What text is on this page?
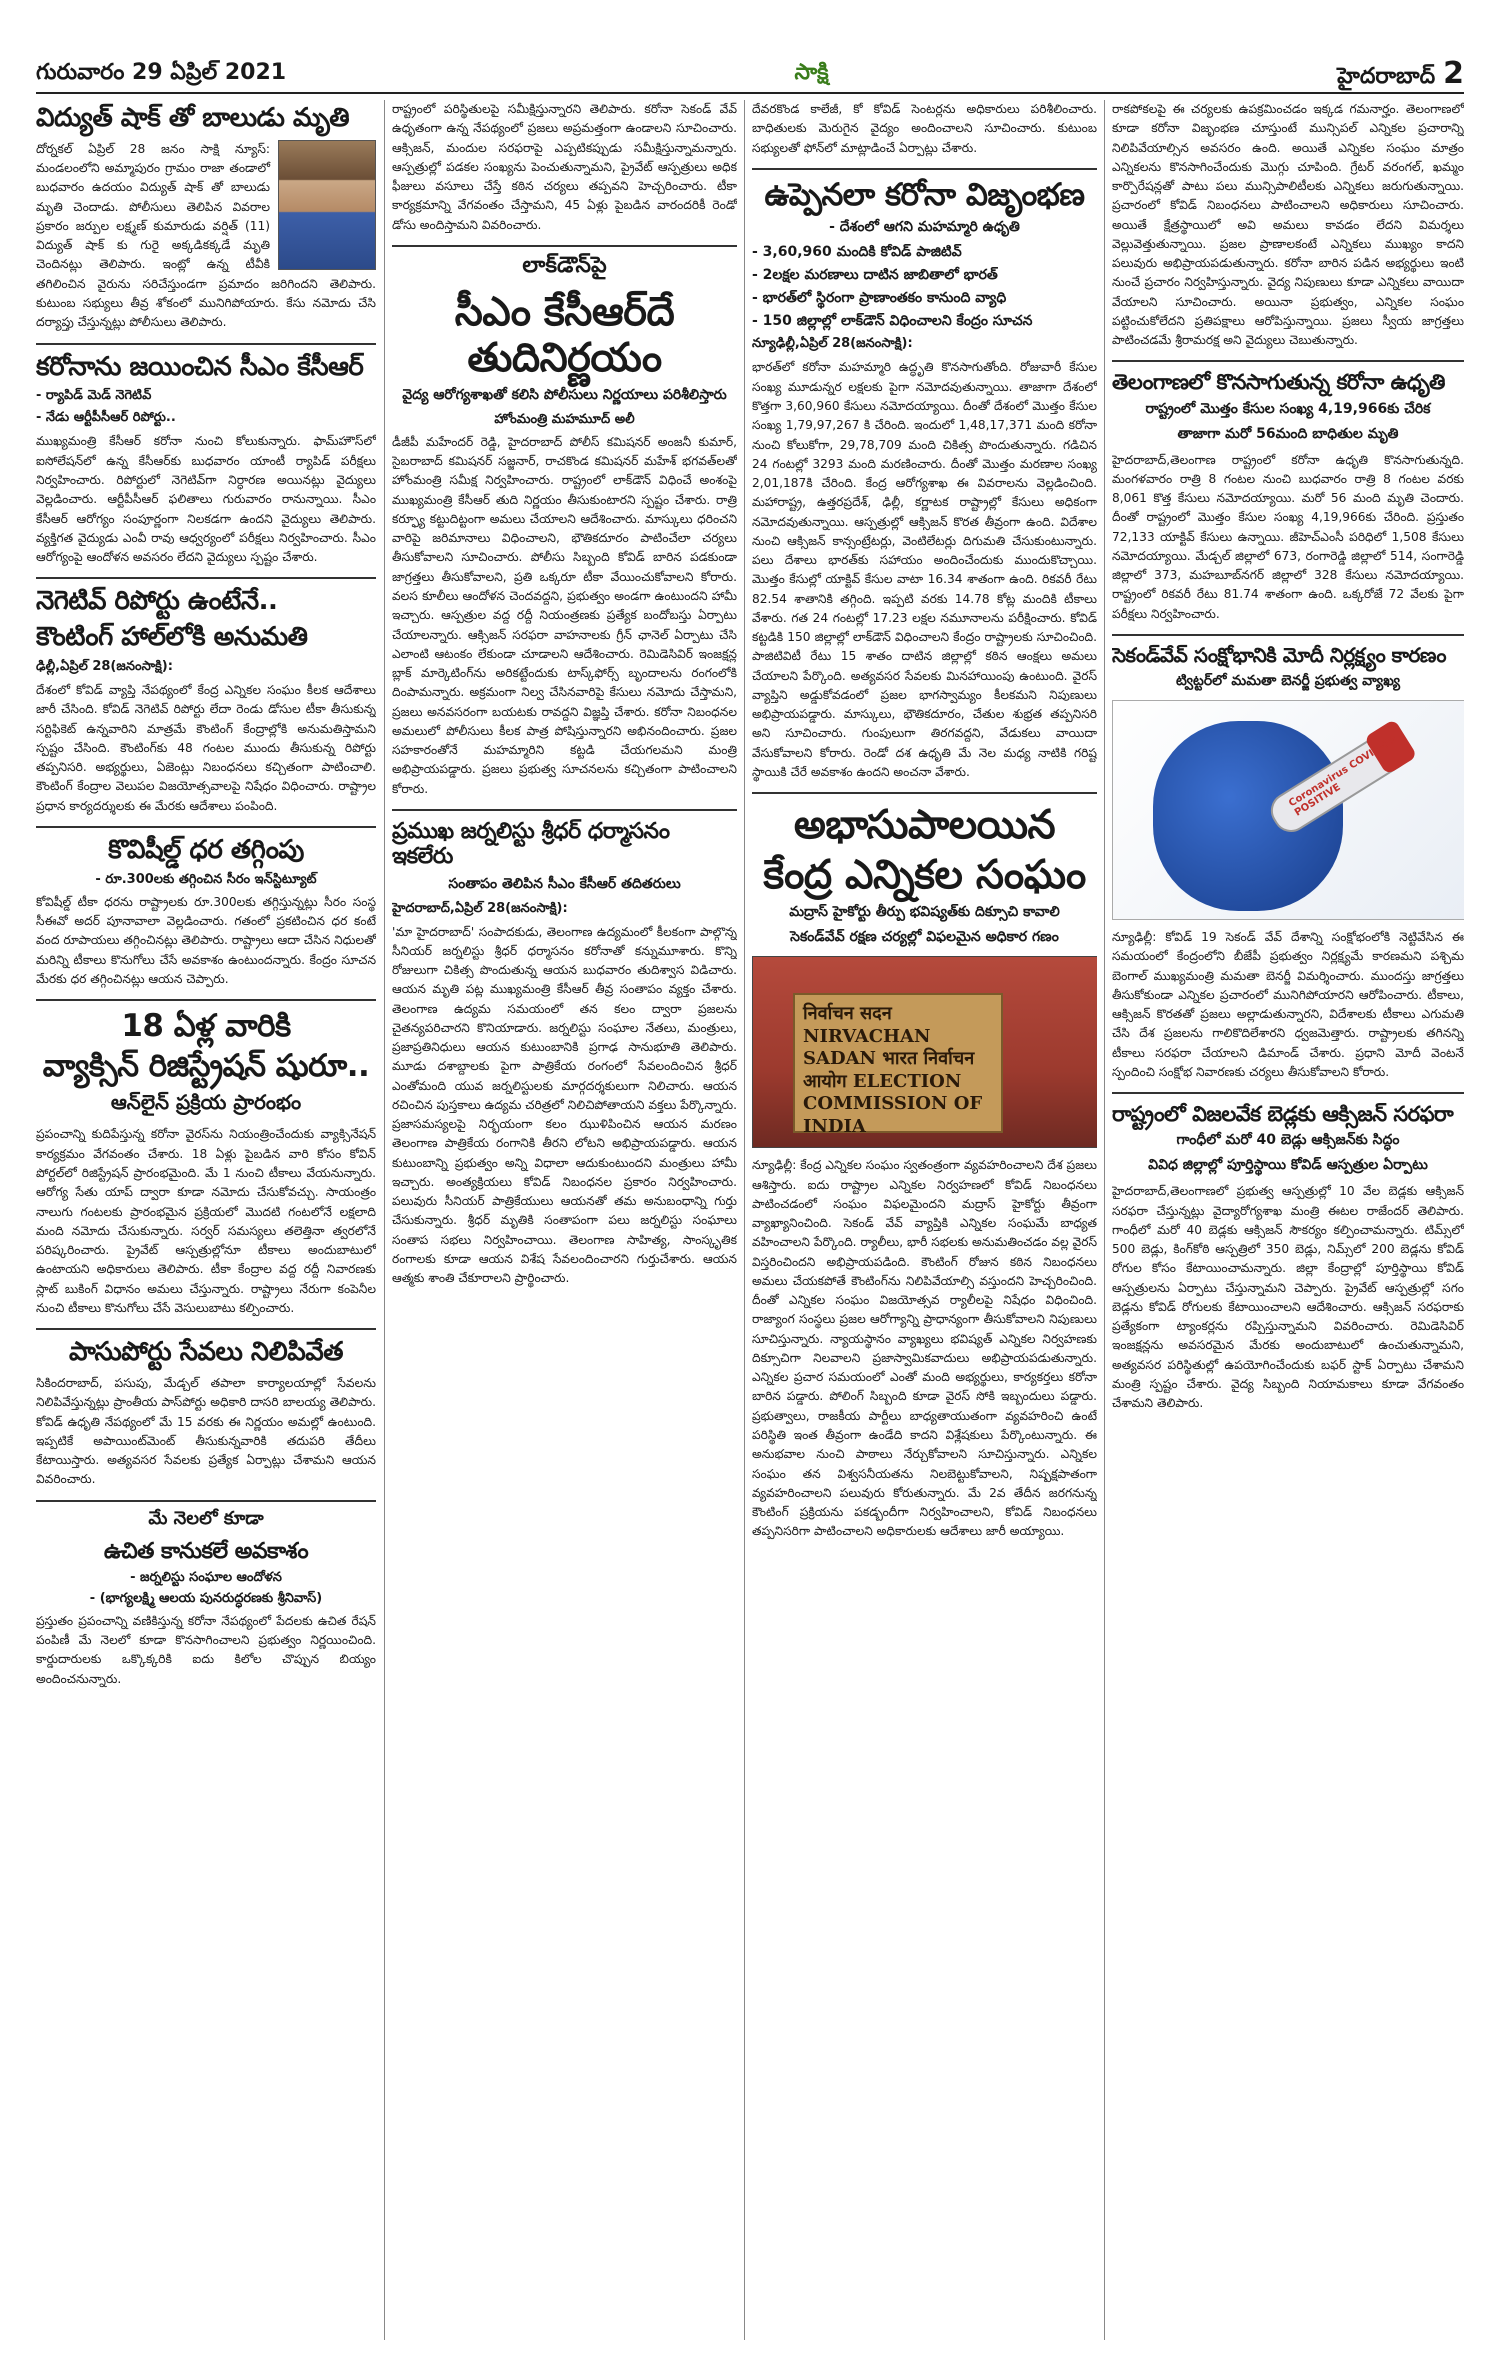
గురువారం 29 ఏప్రిల్ 2021	సాక్షి	హైదరాబాద్ 2
విద్యుత్ షాక్ తో బాలుడు మృతి

దోర్నకల్ ఏప్రిల్ 28 జనం సాక్షి న్యూస్: మండలంలోని అమ్మాపురం గ్రామం రాజా తండాలో బుధవారం ఉదయం విద్యుత్ షాక్ తో బాలుడు మృతి చెందాడు. పోలీసులు తెలిపిన వివరాల ప్రకారం జర్పుల లక్ష్మణ్ కుమారుడు వర్షిత్ (11) విద్యుత్ షాక్ కు గురై అక్కడికక్కడే మృతి చెందినట్లు తెలిపారు. ఇంట్లో ఉన్న టీవీకి తగిలించిన వైరును సరిచేస్తుండగా ప్రమాదం జరిగిందని తెలిపారు. కుటుంబ సభ్యులు తీవ్ర శోకంలో మునిగిపోయారు. కేసు నమోదు చేసి దర్యాప్తు చేస్తున్నట్లు పోలీసులు తెలిపారు.

కరోనాను జయించిన సీఎం కేసీఆర్
- ర్యాపిడ్ మెడ్ నెగెటివ్
- నేడు ఆర్టీపీసీఆర్ రిపోర్టు..

ముఖ్యమంత్రి కేసీఆర్ కరోనా నుంచి కోలుకున్నారు. ఫామ్‌హౌస్‌లో ఐసోలేషన్‌లో ఉన్న కేసీఆర్‌కు బుధవారం యాంటీ ర్యాపిడ్ పరీక్షలు నిర్వహించారు. రిపోర్టులో నెగెటివ్‌గా నిర్ధారణ అయినట్లు వైద్యులు వెల్లడించారు. ఆర్టీపీసీఆర్ ఫలితాలు గురువారం రానున్నాయి. సీఎం కేసీఆర్ ఆరోగ్యం సంపూర్ణంగా నిలకడగా ఉందని వైద్యులు తెలిపారు. వ్యక్తిగత వైద్యుడు ఎంవీ రావు ఆధ్వర్యంలో పరీక్షలు నిర్వహించారు. సీఎం ఆరోగ్యంపై ఆందోళన అవసరం లేదని వైద్యులు స్పష్టం చేశారు.

నెగెటివ్ రిపోర్టు ఉంటేనే..
కౌంటింగ్ హాల్‌లోకి అనుమతి
ఢిల్లీ,ఏప్రిల్ 28(జనంసాక్షి):

దేశంలో కోవిడ్ వ్యాప్తి నేపథ్యంలో కేంద్ర ఎన్నికల సంఘం కీలక ఆదేశాలు జారీ చేసింది. కోవిడ్ నెగెటివ్ రిపోర్టు లేదా రెండు డోసుల టీకా తీసుకున్న సర్టిఫికెట్ ఉన్నవారిని మాత్రమే కౌంటింగ్ కేంద్రాల్లోకి అనుమతిస్తామని స్పష్టం చేసింది. కౌంటింగ్‌కు 48 గంటల ముందు తీసుకున్న రిపోర్టు తప్పనిసరి. అభ్యర్థులు, ఏజెంట్లు నిబంధనలు కచ్చితంగా పాటించాలి. కౌంటింగ్ కేంద్రాల వెలుపల విజయోత్సవాలపై నిషేధం విధించారు. రాష్ట్రాల ప్రధాన కార్యదర్శులకు ఈ మేరకు ఆదేశాలు పంపింది.

కొవిషీల్డ్ ధర తగ్గింపు
- రూ.300లకు తగ్గించిన సీరం ఇన్‌స్టిట్యూట్

కోవిషీల్డ్ టీకా ధరను రాష్ట్రాలకు రూ.300లకు తగ్గిస్తున్నట్లు సీరం సంస్థ సీఈవో అదర్ పూనావాలా వెల్లడించారు. గతంలో ప్రకటించిన ధర కంటే వంద రూపాయలు తగ్గించినట్లు తెలిపారు. రాష్ట్రాలు ఆదా చేసిన నిధులతో మరిన్ని టీకాలు కొనుగోలు చేసే అవకాశం ఉంటుందన్నారు. కేంద్రం సూచన మేరకు ధర తగ్గించినట్లు ఆయన చెప్పారు.

18 ఏళ్ల వారికి
వ్యాక్సిన్ రిజిస్ట్రేషన్ షురూ..
ఆన్‌లైన్ ప్రక్రియ ప్రారంభం

ప్రపంచాన్ని కుదిపేస్తున్న కరోనా వైరస్‌ను నియంత్రించేందుకు వ్యాక్సినేషన్ కార్యక్రమం వేగవంతం చేశారు. 18 ఏళ్లు పైబడిన వారి కోసం కోవిన్ పోర్టల్‌లో రిజిస్ట్రేషన్ ప్రారంభమైంది. మే 1 నుంచి టీకాలు వేయనున్నారు. ఆరోగ్య సేతు యాప్ ద్వారా కూడా నమోదు చేసుకోవచ్చు. సాయంత్రం నాలుగు గంటలకు ప్రారంభమైన ప్రక్రియలో మొదటి గంటలోనే లక్షలాది మంది నమోదు చేసుకున్నారు. సర్వర్ సమస్యలు తలెత్తినా త్వరలోనే పరిష్కరించారు. ప్రైవేట్ ఆస్పత్రుల్లోనూ టీకాలు అందుబాటులో ఉంటాయని అధికారులు తెలిపారు. టీకా కేంద్రాల వద్ద రద్దీ నివారణకు స్లాట్ బుకింగ్ విధానం అమలు చేస్తున్నారు. రాష్ట్రాలు నేరుగా కంపెనీల నుంచి టీకాలు కొనుగోలు చేసే వెసులుబాటు కల్పించారు.

పాసుపోర్టు సేవలు నిలిపివేత

సికిందరాబాద్, పసుపు, మేడ్చల్ తపాలా కార్యాలయాల్లో సేవలను నిలిపివేస్తున్నట్లు ప్రాంతీయ పాస్‌పోర్టు అధికారి దాసరి బాలయ్య తెలిపారు. కోవిడ్ ఉధృతి నేపథ్యంలో మే 15 వరకు ఈ నిర్ణయం అమల్లో ఉంటుంది. ఇప్పటికే అపాయింట్‌మెంట్ తీసుకున్నవారికి తదుపరి తేదీలు కేటాయిస్తారు. అత్యవసర సేవలకు ప్రత్యేక ఏర్పాట్లు చేశామని ఆయన వివరించారు.

మే నెలలో కూడా
ఉచిత కానుకలే అవకాశం
- జర్నలిస్టు సంఘాల ఆందోళన
- (భాగ్యలక్ష్మి ఆలయ పునరుద్ధరణకు శ్రీనివాస్)

ప్రస్తుతం ప్రపంచాన్ని వణికిస్తున్న కరోనా నేపథ్యంలో పేదలకు ఉచిత రేషన్ పంపిణీ మే నెలలో కూడా కొనసాగించాలని ప్రభుత్వం నిర్ణయించింది. కార్డుదారులకు ఒక్కొక్కరికి ఐదు కిలోల చొప్పున బియ్యం అందించనున్నారు.

రాష్ట్రంలో పరిస్థితులపై సమీక్షిస్తున్నారని తెలిపారు. కరోనా సెకండ్ వేవ్ ఉధృతంగా ఉన్న నేపథ్యంలో ప్రజలు అప్రమత్తంగా ఉండాలని సూచించారు. ఆక్సిజన్, మందుల సరఫరాపై ఎప్పటికప్పుడు సమీక్షిస్తున్నామన్నారు. ఆస్పత్రుల్లో పడకల సంఖ్యను పెంచుతున్నామని, ప్రైవేట్ ఆస్పత్రులు అధిక ఫీజులు వసూలు చేస్తే కఠిన చర్యలు తప్పవని హెచ్చరించారు. టీకా కార్యక్రమాన్ని వేగవంతం చేస్తామని, 45 ఏళ్లు పైబడిన వారందరికీ రెండో డోసు అందిస్తామని వివరించారు.

లాక్‌డౌన్‌పై
సీఎం కేసీఆర్‌దే తుదినిర్ణయం
వైద్య ఆరోగ్యశాఖతో కలిసి పోలీసులు నిర్ణయాలు పరిశీలిస్తారు
హోంమంత్రి మహమూద్ అలీ

డీజీపీ మహేందర్ రెడ్డి, హైదరాబాద్ పోలీస్ కమిషనర్ అంజనీ కుమార్, సైబరాబాద్ కమిషనర్ సజ్జనార్, రాచకొండ కమిషనర్ మహేశ్ భగవత్‌లతో హోంమంత్రి సమీక్ష నిర్వహించారు. రాష్ట్రంలో లాక్‌డౌన్ విధించే అంశంపై ముఖ్యమంత్రి కేసీఆర్ తుది నిర్ణయం తీసుకుంటారని స్పష్టం చేశారు. రాత్రి కర్ఫ్యూ కట్టుదిట్టంగా అమలు చేయాలని ఆదేశించారు. మాస్కులు ధరించని వారిపై జరిమానాలు విధించాలని, భౌతికదూరం పాటించేలా చర్యలు తీసుకోవాలని సూచించారు. పోలీసు సిబ్బంది కోవిడ్ బారిన పడకుండా జాగ్రత్తలు తీసుకోవాలని, ప్రతి ఒక్కరూ టీకా వేయించుకోవాలని కోరారు. వలస కూలీలు ఆందోళన చెందవద్దని, ప్రభుత్వం అండగా ఉంటుందని హామీ ఇచ్చారు. ఆస్పత్రుల వద్ద రద్దీ నియంత్రణకు ప్రత్యేక బందోబస్తు ఏర్పాటు చేయాలన్నారు. ఆక్సిజన్ సరఫరా వాహనాలకు గ్రీన్ ఛానెల్ ఏర్పాటు చేసి ఎలాంటి ఆటంకం లేకుండా చూడాలని ఆదేశించారు. రెమిడెసివిర్ ఇంజక్షన్ల బ్లాక్ మార్కెటింగ్‌ను అరికట్టేందుకు టాస్క్‌ఫోర్స్ బృందాలను రంగంలోకి దింపామన్నారు. అక్రమంగా నిల్వ చేసినవారిపై కేసులు నమోదు చేస్తామని, ప్రజలు అనవసరంగా బయటకు రావద్దని విజ్ఞప్తి చేశారు. కరోనా నిబంధనల అమలులో పోలీసులు కీలక పాత్ర పోషిస్తున్నారని అభినందించారు. ప్రజల సహకారంతోనే మహమ్మారిని కట్టడి చేయగలమని మంత్రి అభిప్రాయపడ్డారు. ప్రజలు ప్రభుత్వ సూచనలను కచ్చితంగా పాటించాలని కోరారు.

ప్రముఖ జర్నలిస్టు శ్రీధర్ ధర్మాసనం ఇకలేరు
సంతాపం తెలిపిన సీఎం కేసీఆర్ తదితరులు
హైదరాబాద్,ఏప్రిల్ 28(జనంసాక్షి):

'మా హైదరాబాద్' సంపాదకుడు, తెలంగాణ ఉద్యమంలో కీలకంగా పాల్గొన్న సీనియర్ జర్నలిస్టు శ్రీధర్ ధర్మాసనం కరోనాతో కన్నుమూశారు. కొన్ని రోజులుగా చికిత్స పొందుతున్న ఆయన బుధవారం తుదిశ్వాస విడిచారు. ఆయన మృతి పట్ల ముఖ్యమంత్రి కేసీఆర్ తీవ్ర సంతాపం వ్యక్తం చేశారు. తెలంగాణ ఉద్యమ సమయంలో తన కలం ద్వారా ప్రజలను చైతన్యపరిచారని కొనియాడారు. జర్నలిస్టు సంఘాల నేతలు, మంత్రులు, ప్రజాప్రతినిధులు ఆయన కుటుంబానికి ప్రగాఢ సానుభూతి తెలిపారు. మూడు దశాబ్దాలకు పైగా పాత్రికేయ రంగంలో సేవలందించిన శ్రీధర్ ఎంతోమంది యువ జర్నలిస్టులకు మార్గదర్శకులుగా నిలిచారు. ఆయన రచించిన పుస్తకాలు ఉద్యమ చరిత్రలో నిలిచిపోతాయని వక్తలు పేర్కొన్నారు. ప్రజాసమస్యలపై నిర్భయంగా కలం ఝుళిపించిన ఆయన మరణం తెలంగాణ పాత్రికేయ రంగానికి తీరని లోటని అభిప్రాయపడ్డారు. ఆయన కుటుంబాన్ని ప్రభుత్వం అన్ని విధాలా ఆదుకుంటుందని మంత్రులు హామీ ఇచ్చారు. అంత్యక్రియలు కోవిడ్ నిబంధనల ప్రకారం నిర్వహించారు. పలువురు సీనియర్ పాత్రికేయులు ఆయనతో తమ అనుబంధాన్ని గుర్తు చేసుకున్నారు. శ్రీధర్ మృతికి సంతాపంగా పలు జర్నలిస్టు సంఘాలు సంతాప సభలు నిర్వహించాయి. తెలంగాణ సాహిత్య, సాంస్కృతిక రంగాలకు కూడా ఆయన విశేష సేవలందించారని గుర్తుచేశారు. ఆయన ఆత్మకు శాంతి చేకూరాలని ప్రార్థించారు.

దేవరకొండ కాలేజీ, కో కోవిడ్ సెంటర్లను అధికారులు పరిశీలించారు. బాధితులకు మెరుగైన వైద్యం అందించాలని సూచించారు. కుటుంబ సభ్యులతో ఫోన్‌లో మాట్లాడించే ఏర్పాట్లు చేశారు.

ఉప్పెనలా కరోనా విజృంభణ
- దేశంలో ఆగని మహమ్మారి ఉధృతి
- 3,60,960 మందికి కోవిడ్ పాజిటివ్
- 2లక్షల మరణాలు దాటిన జాబితాలో భారత్
- భారత్‌లో స్థిరంగా ప్రాణాంతకం కానుంది వ్యాధి
- 150 జిల్లాల్లో లాక్‌డౌన్ విధించాలని కేంద్రం సూచన
న్యూఢిల్లీ,ఏప్రిల్ 28(జనంసాక్షి):

భారత్‌లో కరోనా మహమ్మారి ఉద్ధృతి కొనసాగుతోంది. రోజువారీ కేసుల సంఖ్య మూడున్నర లక్షలకు పైగా నమోదవుతున్నాయి. తాజాగా దేశంలో కొత్తగా 3,60,960 కేసులు నమోదయ్యాయి. దీంతో దేశంలో మొత్తం కేసుల సంఖ్య 1,79,97,267 కి చేరింది. ఇందులో 1,48,17,371 మంది కరోనా నుంచి కోలుకోగా, 29,78,709 మంది చికిత్స పొందుతున్నారు. గడిచిన 24 గంటల్లో 3293 మంది మరణించారు. దీంతో మొత్తం మరణాల సంఖ్య 2,01,187కి చేరింది. కేంద్ర ఆరోగ్యశాఖ ఈ వివరాలను వెల్లడించింది. మహారాష్ట్ర, ఉత్తరప్రదేశ్, ఢిల్లీ, కర్ణాటక రాష్ట్రాల్లో కేసులు అధికంగా నమోదవుతున్నాయి. ఆస్పత్రుల్లో ఆక్సిజన్ కొరత తీవ్రంగా ఉంది. విదేశాల నుంచి ఆక్సిజన్ కాన్సంట్రేటర్లు, వెంటిలేటర్లు దిగుమతి చేసుకుంటున్నారు. పలు దేశాలు భారత్‌కు సహాయం అందించేందుకు ముందుకొచ్చాయి. మొత్తం కేసుల్లో యాక్టివ్ కేసుల వాటా 16.34 శాతంగా ఉంది. రికవరీ రేటు 82.54 శాతానికి తగ్గింది. ఇప్పటి వరకు 14.78 కోట్ల మందికి టీకాలు వేశారు. గత 24 గంటల్లో 17.23 లక్షల నమూనాలను పరీక్షించారు. కోవిడ్ కట్టడికి 150 జిల్లాల్లో లాక్‌డౌన్ విధించాలని కేంద్రం రాష్ట్రాలకు సూచించింది. పాజిటివిటీ రేటు 15 శాతం దాటిన జిల్లాల్లో కఠిన ఆంక్షలు అమలు చేయాలని పేర్కొంది. అత్యవసర సేవలకు మినహాయింపు ఉంటుంది. వైరస్ వ్యాప్తిని అడ్డుకోవడంలో ప్రజల భాగస్వామ్యం కీలకమని నిపుణులు అభిప్రాయపడ్డారు. మాస్కులు, భౌతికదూరం, చేతుల శుభ్రత తప్పనిసరి అని సూచించారు. గుంపులుగా తిరగవద్దని, వేడుకలు వాయిదా వేసుకోవాలని కోరారు. రెండో దశ ఉధృతి మే నెల మధ్య నాటికి గరిష్ట స్థాయికి చేరే అవకాశం ఉందని అంచనా వేశారు.

అభాసుపాలయిన
కేంద్ర ఎన్నికల సంఘం
మద్రాస్ హైకోర్టు తీర్పు భవిష్యత్‌కు దిక్సూచి కావాలి
సెకండ్‌వేవ్ రక్షణ చర్యల్లో విఫలమైన అధికార గణం
निर्वाचन सदन NIRVACHAN SADAN भारत निर्वाचन आयोग ELECTION COMMISSION OF INDIA

న్యూఢిల్లీ: కేంద్ర ఎన్నికల సంఘం స్వతంత్రంగా వ్యవహరించాలని దేశ ప్రజలు ఆశిస్తారు. ఐదు రాష్ట్రాల ఎన్నికల నిర్వహణలో కోవిడ్ నిబంధనలు పాటించడంలో సంఘం విఫలమైందని మద్రాస్ హైకోర్టు తీవ్రంగా వ్యాఖ్యానించింది. సెకండ్ వేవ్ వ్యాప్తికి ఎన్నికల సంఘమే బాధ్యత వహించాలని పేర్కొంది. ర్యాలీలు, భారీ సభలకు అనుమతించడం వల్ల వైరస్ విస్తరించిందని అభిప్రాయపడింది. కౌంటింగ్ రోజున కఠిన నిబంధనలు అమలు చేయకపోతే కౌంటింగ్‌ను నిలిపివేయాల్సి వస్తుందని హెచ్చరించింది. దీంతో ఎన్నికల సంఘం విజయోత్సవ ర్యాలీలపై నిషేధం విధించింది. రాజ్యాంగ సంస్థలు ప్రజల ఆరోగ్యాన్ని ప్రాధాన్యంగా తీసుకోవాలని నిపుణులు సూచిస్తున్నారు. న్యాయస్థానం వ్యాఖ్యలు భవిష్యత్ ఎన్నికల నిర్వహణకు దిక్సూచిగా నిలవాలని ప్రజాస్వామికవాదులు అభిప్రాయపడుతున్నారు. ఎన్నికల ప్రచార సమయంలో ఎంతో మంది అభ్యర్థులు, కార్యకర్తలు కరోనా బారిన పడ్డారు. పోలింగ్ సిబ్బంది కూడా వైరస్ సోకి ఇబ్బందులు పడ్డారు. ప్రభుత్వాలు, రాజకీయ పార్టీలు బాధ్యతాయుతంగా వ్యవహరించి ఉంటే పరిస్థితి ఇంత తీవ్రంగా ఉండేది కాదని విశ్లేషకులు పేర్కొంటున్నారు. ఈ అనుభవాల నుంచి పాఠాలు నేర్చుకోవాలని సూచిస్తున్నారు. ఎన్నికల సంఘం తన విశ్వసనీయతను నిలబెట్టుకోవాలని, నిష్పక్షపాతంగా వ్యవహరించాలని పలువురు కోరుతున్నారు. మే 2వ తేదీన జరగనున్న కౌంటింగ్ ప్రక్రియను పకడ్బందీగా నిర్వహించాలని, కోవిడ్ నిబంధనలు తప్పనిసరిగా పాటించాలని అధికారులకు ఆదేశాలు జారీ అయ్యాయి.

రాకపోకలపై ఈ చర్యలకు ఉపక్రమించడం ఇక్కడ గమనార్హం. తెలంగాణలో కూడా కరోనా విజృంభణ చూస్తుంటే మున్సిపల్ ఎన్నికల ప్రచారాన్ని నిలిపివేయాల్సిన అవసరం ఉంది. అయితే ఎన్నికల సంఘం మాత్రం ఎన్నికలను కొనసాగించేందుకు మొగ్గు చూపింది. గ్రేటర్ వరంగల్, ఖమ్మం కార్పొరేషన్లతో పాటు పలు మున్సిపాలిటీలకు ఎన్నికలు జరుగుతున్నాయి. ప్రచారంలో కోవిడ్ నిబంధనలు పాటించాలని అధికారులు సూచించారు. అయితే క్షేత్రస్థాయిలో అవి అమలు కావడం లేదని విమర్శలు వెల్లువెత్తుతున్నాయి. ప్రజల ప్రాణాలకంటే ఎన్నికలు ముఖ్యం కాదని పలువురు అభిప్రాయపడుతున్నారు. కరోనా బారిన పడిన అభ్యర్థులు ఇంటి నుంచే ప్రచారం నిర్వహిస్తున్నారు. వైద్య నిపుణులు కూడా ఎన్నికలు వాయిదా వేయాలని సూచించారు. అయినా ప్రభుత్వం, ఎన్నికల సంఘం పట్టించుకోలేదని ప్రతిపక్షాలు ఆరోపిస్తున్నాయి. ప్రజలు స్వీయ జాగ్రత్తలు పాటించడమే శ్రీరామరక్ష అని వైద్యులు చెబుతున్నారు.

తెలంగాణలో కొనసాగుతున్న కరోనా ఉధృతి
రాష్ట్రంలో మొత్తం కేసుల సంఖ్య 4,19,966కు చేరిక
తాజాగా మరో 56మంది బాధితుల మృతి

హైదరాబాద్,తెలంగాణ రాష్ట్రంలో కరోనా ఉధృతి కొనసాగుతున్నది. మంగళవారం రాత్రి 8 గంటల నుంచి బుధవారం రాత్రి 8 గంటల వరకు 8,061 కొత్త కేసులు నమోదయ్యాయి. మరో 56 మంది మృతి చెందారు. దీంతో రాష్ట్రంలో మొత్తం కేసుల సంఖ్య 4,19,966కు చేరింది. ప్రస్తుతం 72,133 యాక్టివ్ కేసులు ఉన్నాయి. జీహెచ్ఎంసీ పరిధిలో 1,508 కేసులు నమోదయ్యాయి. మేడ్చల్ జిల్లాలో 673, రంగారెడ్డి జిల్లాలో 514, సంగారెడ్డి జిల్లాలో 373, మహబూబ్‌నగర్ జిల్లాలో 328 కేసులు నమోదయ్యాయి. రాష్ట్రంలో రికవరీ రేటు 81.74 శాతంగా ఉంది. ఒక్కరోజే 72 వేలకు పైగా పరీక్షలు నిర్వహించారు.

సెకండ్‌వేవ్ సంక్షోభానికి మోదీ నిర్లక్ష్యం కారణం
ట్విట్టర్‌లో మమతా బెనర్జీ ప్రభుత్వ వ్యాఖ్య
Coronavirus COVID-19 POSITIVE

న్యూఢిల్లీ: కోవిడ్ 19 సెకండ్ వేవ్ దేశాన్ని సంక్షోభంలోకి నెట్టివేసిన ఈ సమయంలో కేంద్రంలోని బీజేపీ ప్రభుత్వం నిర్లక్ష్యమే కారణమని పశ్చిమ బెంగాల్ ముఖ్యమంత్రి మమతా బెనర్జీ విమర్శించారు. ముందస్తు జాగ్రత్తలు తీసుకోకుండా ఎన్నికల ప్రచారంలో మునిగిపోయారని ఆరోపించారు. టీకాలు, ఆక్సిజన్ కొరతతో ప్రజలు అల్లాడుతున్నారని, విదేశాలకు టీకాలు ఎగుమతి చేసి దేశ ప్రజలను గాలికొదిలేశారని ధ్వజమెత్తారు. రాష్ట్రాలకు తగినన్ని టీకాలు సరఫరా చేయాలని డిమాండ్ చేశారు. ప్రధాని మోదీ వెంటనే స్పందించి సంక్షోభ నివారణకు చర్యలు తీసుకోవాలని కోరారు.

రాష్ట్రంలో విజలవేక బెడ్లకు ఆక్సిజన్ సరఫరా
గాంధీలో మరో 40 బెడ్లు ఆక్సిజన్‌కు సిద్ధం
వివిధ జిల్లాల్లో పూర్తిస్థాయి కోవిడ్ ఆస్పత్రుల ఏర్పాటు

హైదరాబాద్,తెలంగాణలో ప్రభుత్వ ఆస్పత్రుల్లో 10 వేల బెడ్లకు ఆక్సిజన్ సరఫరా చేస్తున్నట్లు వైద్యారోగ్యశాఖ మంత్రి ఈటల రాజేందర్ తెలిపారు. గాంధీలో మరో 40 బెడ్లకు ఆక్సిజన్ సౌకర్యం కల్పించామన్నారు. టిమ్స్‌లో 500 బెడ్లు, కింగ్‌కోఠి ఆస్పత్రిలో 350 బెడ్లు, నిమ్స్‌లో 200 బెడ్లను కోవిడ్ రోగుల కోసం కేటాయించామన్నారు. జిల్లా కేంద్రాల్లో పూర్తిస్థాయి కోవిడ్ ఆస్పత్రులను ఏర్పాటు చేస్తున్నామని చెప్పారు. ప్రైవేట్ ఆస్పత్రుల్లో సగం బెడ్లను కోవిడ్ రోగులకు కేటాయించాలని ఆదేశించారు. ఆక్సిజన్ సరఫరాకు ప్రత్యేకంగా ట్యాంకర్లను రప్పిస్తున్నామని వివరించారు. రెమిడెసివిర్ ఇంజక్షన్లను అవసరమైన మేరకు అందుబాటులో ఉంచుతున్నామని, అత్యవసర పరిస్థితుల్లో ఉపయోగించేందుకు బఫర్ స్టాక్ ఏర్పాటు చేశామని మంత్రి స్పష్టం చేశారు. వైద్య సిబ్బంది నియామకాలు కూడా వేగవంతం చేశామని తెలిపారు.
